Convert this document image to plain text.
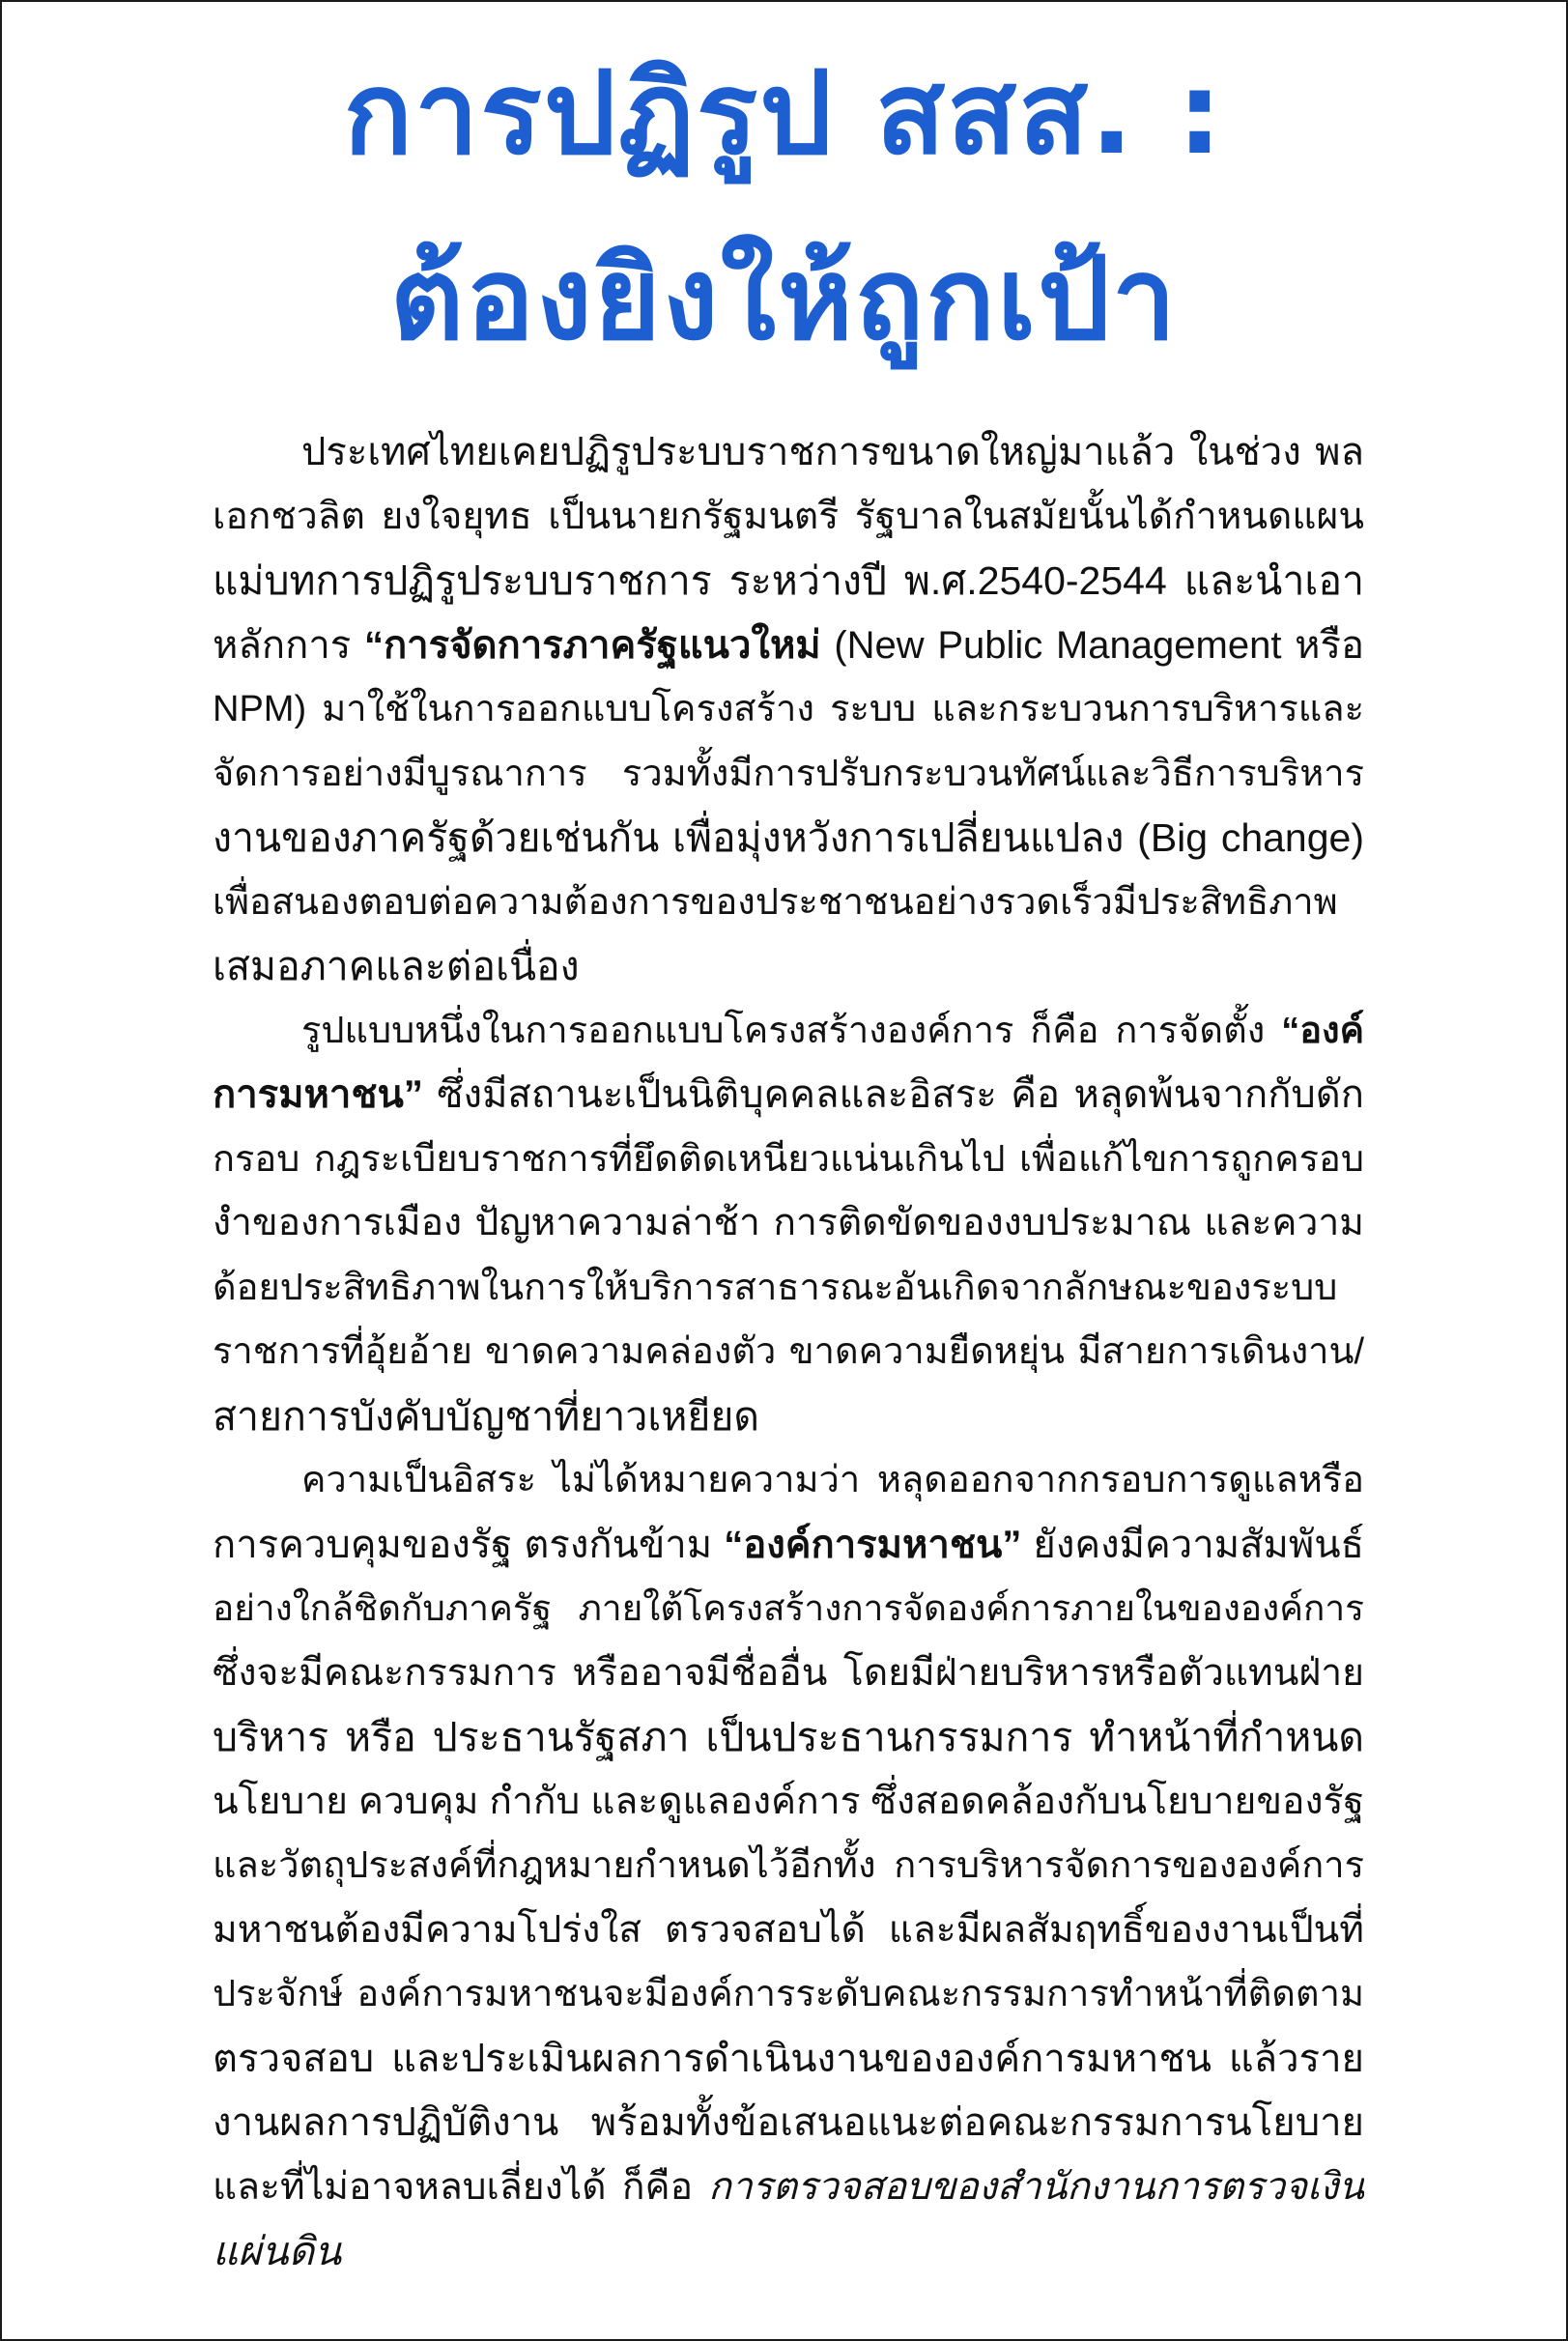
การปฏิรูป สสส. :
ต้องยิงให้ถูกเป้า
ประเทศไทยเคยปฏิรูประบบราชการขนาดใหญ่มาแล้ว ในช่วง พล
เอกชวลิต ยงใจยุทธ เป็นนายกรัฐมนตรี รัฐบาลในสมัยนั้นได้กำหนดแผน
แม่บทการปฏิรูประบบราชการ ระหว่างปี พ.ศ.2540-2544 และนำเอา
หลักการ “การจัดการภาครัฐแนวใหม่ (New Public Management หรือ
NPM) มาใช้ในการออกแบบโครงสร้าง ระบบ และกระบวนการบริหารและ
จัดการอย่างมีบูรณาการ รวมทั้งมีการปรับกระบวนทัศน์และวิธีการบริหาร
งานของภาครัฐด้วยเช่นกัน เพื่อมุ่งหวังการเปลี่ยนแปลง (Big change)
เพื่อสนองตอบต่อความต้องการของประชาชนอย่างรวดเร็วมีประสิทธิภาพ
เสมอภาคและต่อเนื่อง
รูปแบบหนึ่งในการออกแบบโครงสร้างองค์การ ก็คือ การจัดตั้ง “องค์
การมหาชน” ซึ่งมีสถานะเป็นนิติบุคคลและอิสระ คือ หลุดพ้นจากกับดัก
กรอบ กฎระเบียบราชการที่ยึดติดเหนียวแน่นเกินไป เพื่อแก้ไขการถูกครอบ
งำของการเมือง ปัญหาความล่าช้า การติดขัดของงบประมาณ และความ
ด้อยประสิทธิภาพในการให้บริการสาธารณะอันเกิดจากลักษณะของระบบ
ราชการที่อุ้ยอ้าย ขาดความคล่องตัว ขาดความยืดหยุ่น มีสายการเดินงาน/
สายการบังคับบัญชาที่ยาวเหยียด
ความเป็นอิสระ ไม่ได้หมายความว่า หลุดออกจากกรอบการดูแลหรือ
การควบคุมของรัฐ ตรงกันข้าม “องค์การมหาชน” ยังคงมีความสัมพันธ์
อย่างใกล้ชิดกับภาครัฐ ภายใต้โครงสร้างการจัดองค์การภายในขององค์การ
ซึ่งจะมีคณะกรรมการ หรืออาจมีชื่ออื่น โดยมีฝ่ายบริหารหรือตัวแทนฝ่าย
บริหาร หรือ ประธานรัฐสภา เป็นประธานกรรมการ ทำหน้าที่กำหนด
นโยบาย ควบคุม กำกับ และดูแลองค์การ ซึ่งสอดคล้องกับนโยบายของรัฐ
และวัตถุประสงค์ที่กฎหมายกำหนดไว้อีกทั้ง การบริหารจัดการขององค์การ
มหาชนต้องมีความโปร่งใส ตรวจสอบได้ และมีผลสัมฤทธิ์ของงานเป็นที่
ประจักษ์ องค์การมหาชนจะมีองค์การระดับคณะกรรมการทำหน้าที่ติดตาม
ตรวจสอบ และประเมินผลการดำเนินงานขององค์การมหาชน แล้วราย
งานผลการปฏิบัติงาน พร้อมทั้งข้อเสนอแนะต่อคณะกรรมการนโยบาย
และที่ไม่อาจหลบเลี่ยงได้ ก็คือ การตรวจสอบของสำนักงานการตรวจเงิน
แผ่นดิน
